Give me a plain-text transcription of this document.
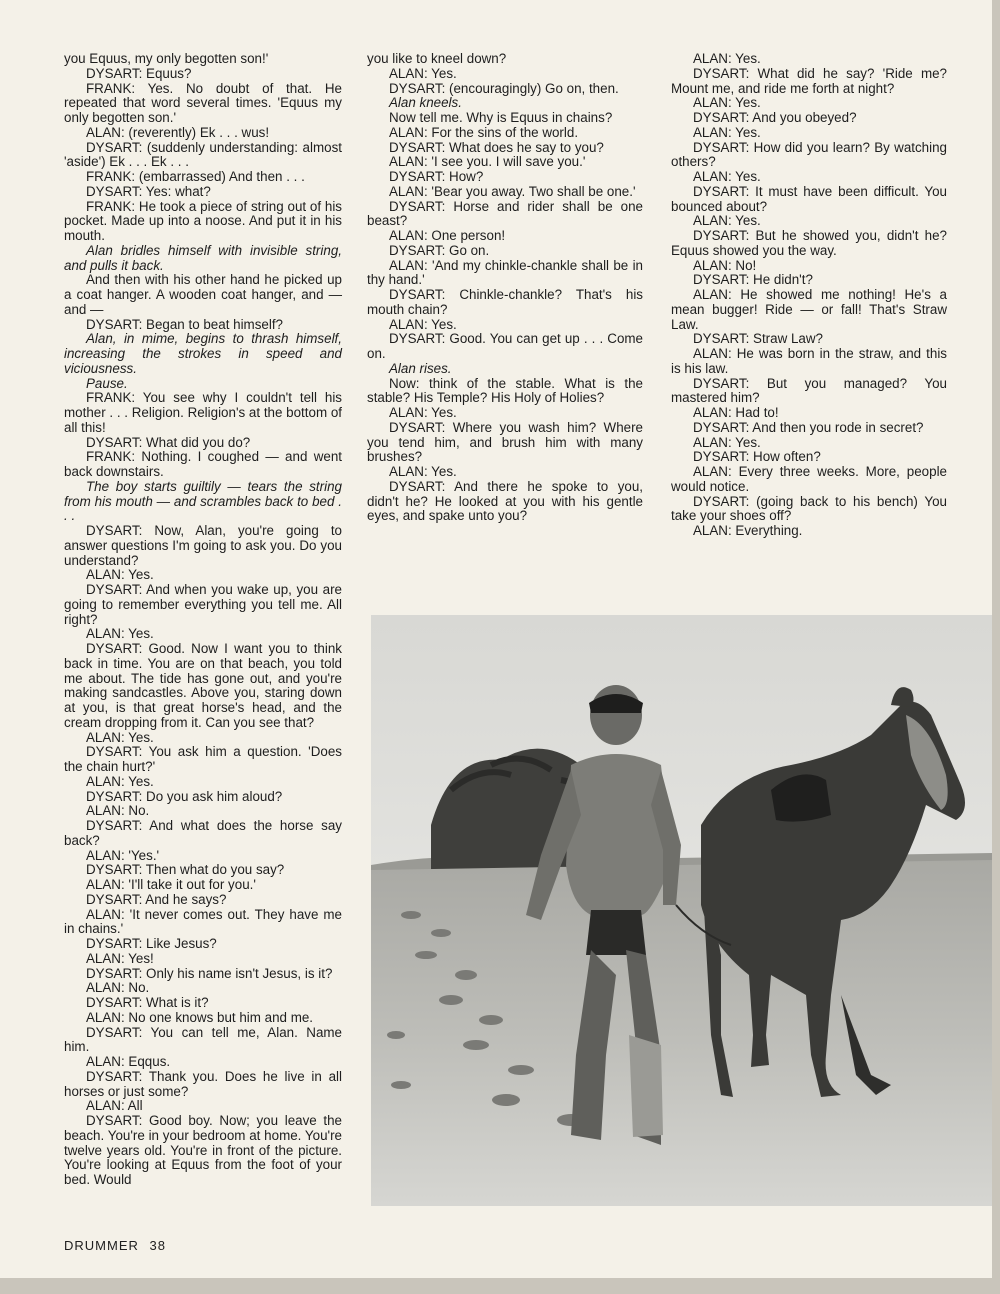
you Equus, my only begotten son!'

DYSART: Equus?

FRANK: Yes. No doubt of that. He repeated that word several times. 'Equus my only begotten son.'

ALAN: (reverently) Ek . . . wus!

DYSART: (suddenly understanding: almost 'aside') Ek . . . Ek . . .

FRANK: (embarrassed) And then . . .

DYSART: Yes: what?

FRANK: He took a piece of string out of his pocket. Made up into a noose. And put it in his mouth.

Alan bridles himself with invisible string, and pulls it back.

And then with his other hand he picked up a coat hanger. A wooden coat hanger, and — and —

DYSART: Began to beat himself?

Alan, in mime, begins to thrash himself, increasing the strokes in speed and viciousness.

Pause.

FRANK: You see why I couldn't tell his mother . . . Religion. Religion's at the bottom of all this!

DYSART: What did you do?

FRANK: Nothing. I coughed — and went back downstairs.

The boy starts guiltily — tears the string from his mouth — and scrambles back to bed . . .

DYSART: Now, Alan, you're going to answer questions I'm going to ask you. Do you understand?

ALAN: Yes.

DYSART: And when you wake up, you are going to remember everything you tell me. All right?

ALAN: Yes.

DYSART: Good. Now I want you to think back in time. You are on that beach, you told me about. The tide has gone out, and you're making sandcastles. Above you, staring down at you, is that great horse's head, and the cream dropping from it. Can you see that?

ALAN: Yes.

DYSART: You ask him a question. 'Does the chain hurt?'

ALAN: Yes.

DYSART: Do you ask him aloud?

ALAN: No.

DYSART: And what does the horse say back?

ALAN: 'Yes.'

DYSART: Then what do you say?

ALAN: 'I'll take it out for you.'

DYSART: And he says?

ALAN: 'It never comes out. They have me in chains.'

DYSART: Like Jesus?

ALAN: Yes!

DYSART: Only his name isn't Jesus, is it?

ALAN: No.

DYSART: What is it?

ALAN: No one knows but him and me.

DYSART: You can tell me, Alan. Name him.

ALAN: Eqqus.

DYSART: Thank you. Does he live in all horses or just some?

ALAN: All

DYSART: Good boy. Now; you leave the beach. You're in your bedroom at home. You're twelve years old. You're in front of the picture. You're looking at Equus from the foot of your bed. Would

you like to kneel down?

ALAN: Yes.

DYSART: (encouragingly) Go on, then.

Alan kneels.

Now tell me. Why is Equus in chains?

ALAN: For the sins of the world.

DYSART: What does he say to you?

ALAN: 'I see you. I will save you.'

DYSART: How?

ALAN: 'Bear you away. Two shall be one.'

DYSART: Horse and rider shall be one beast?

ALAN: One person!

DYSART: Go on.

ALAN: 'And my chinkle-chankle shall be in thy hand.'

DYSART: Chinkle-chankle? That's his mouth chain?

ALAN: Yes.

DYSART: Good. You can get up . . . Come on.

Alan rises.

Now: think of the stable. What is the stable? His Temple? His Holy of Holies?

ALAN: Yes.

DYSART: Where you wash him? Where you tend him, and brush him with many brushes?

ALAN: Yes.

DYSART: And there he spoke to you, didn't he? He looked at you with his gentle eyes, and spake unto you?

ALAN: Yes.

DYSART: What did he say? 'Ride me? Mount me, and ride me forth at night?

ALAN: Yes.

DYSART: And you obeyed?

ALAN: Yes.

DYSART: How did you learn? By watching others?

ALAN: Yes.

DYSART: It must have been difficult. You bounced about?

ALAN: Yes.

DYSART: But he showed you, didn't he? Equus showed you the way.

ALAN: No!

DYSART: He didn't?

ALAN: He showed me nothing! He's a mean bugger! Ride — or fall! That's Straw Law.

DYSART: Straw Law?

ALAN: He was born in the straw, and this is his law.

DYSART: But you managed? You mastered him?

ALAN: Had to!

DYSART: And then you rode in secret?

ALAN: Yes.

DYSART: How often?

ALAN: Every three weeks. More, people would notice.

DYSART: (going back to his bench) You take your shoes off?

ALAN: Everything.

DRUMMER 38
